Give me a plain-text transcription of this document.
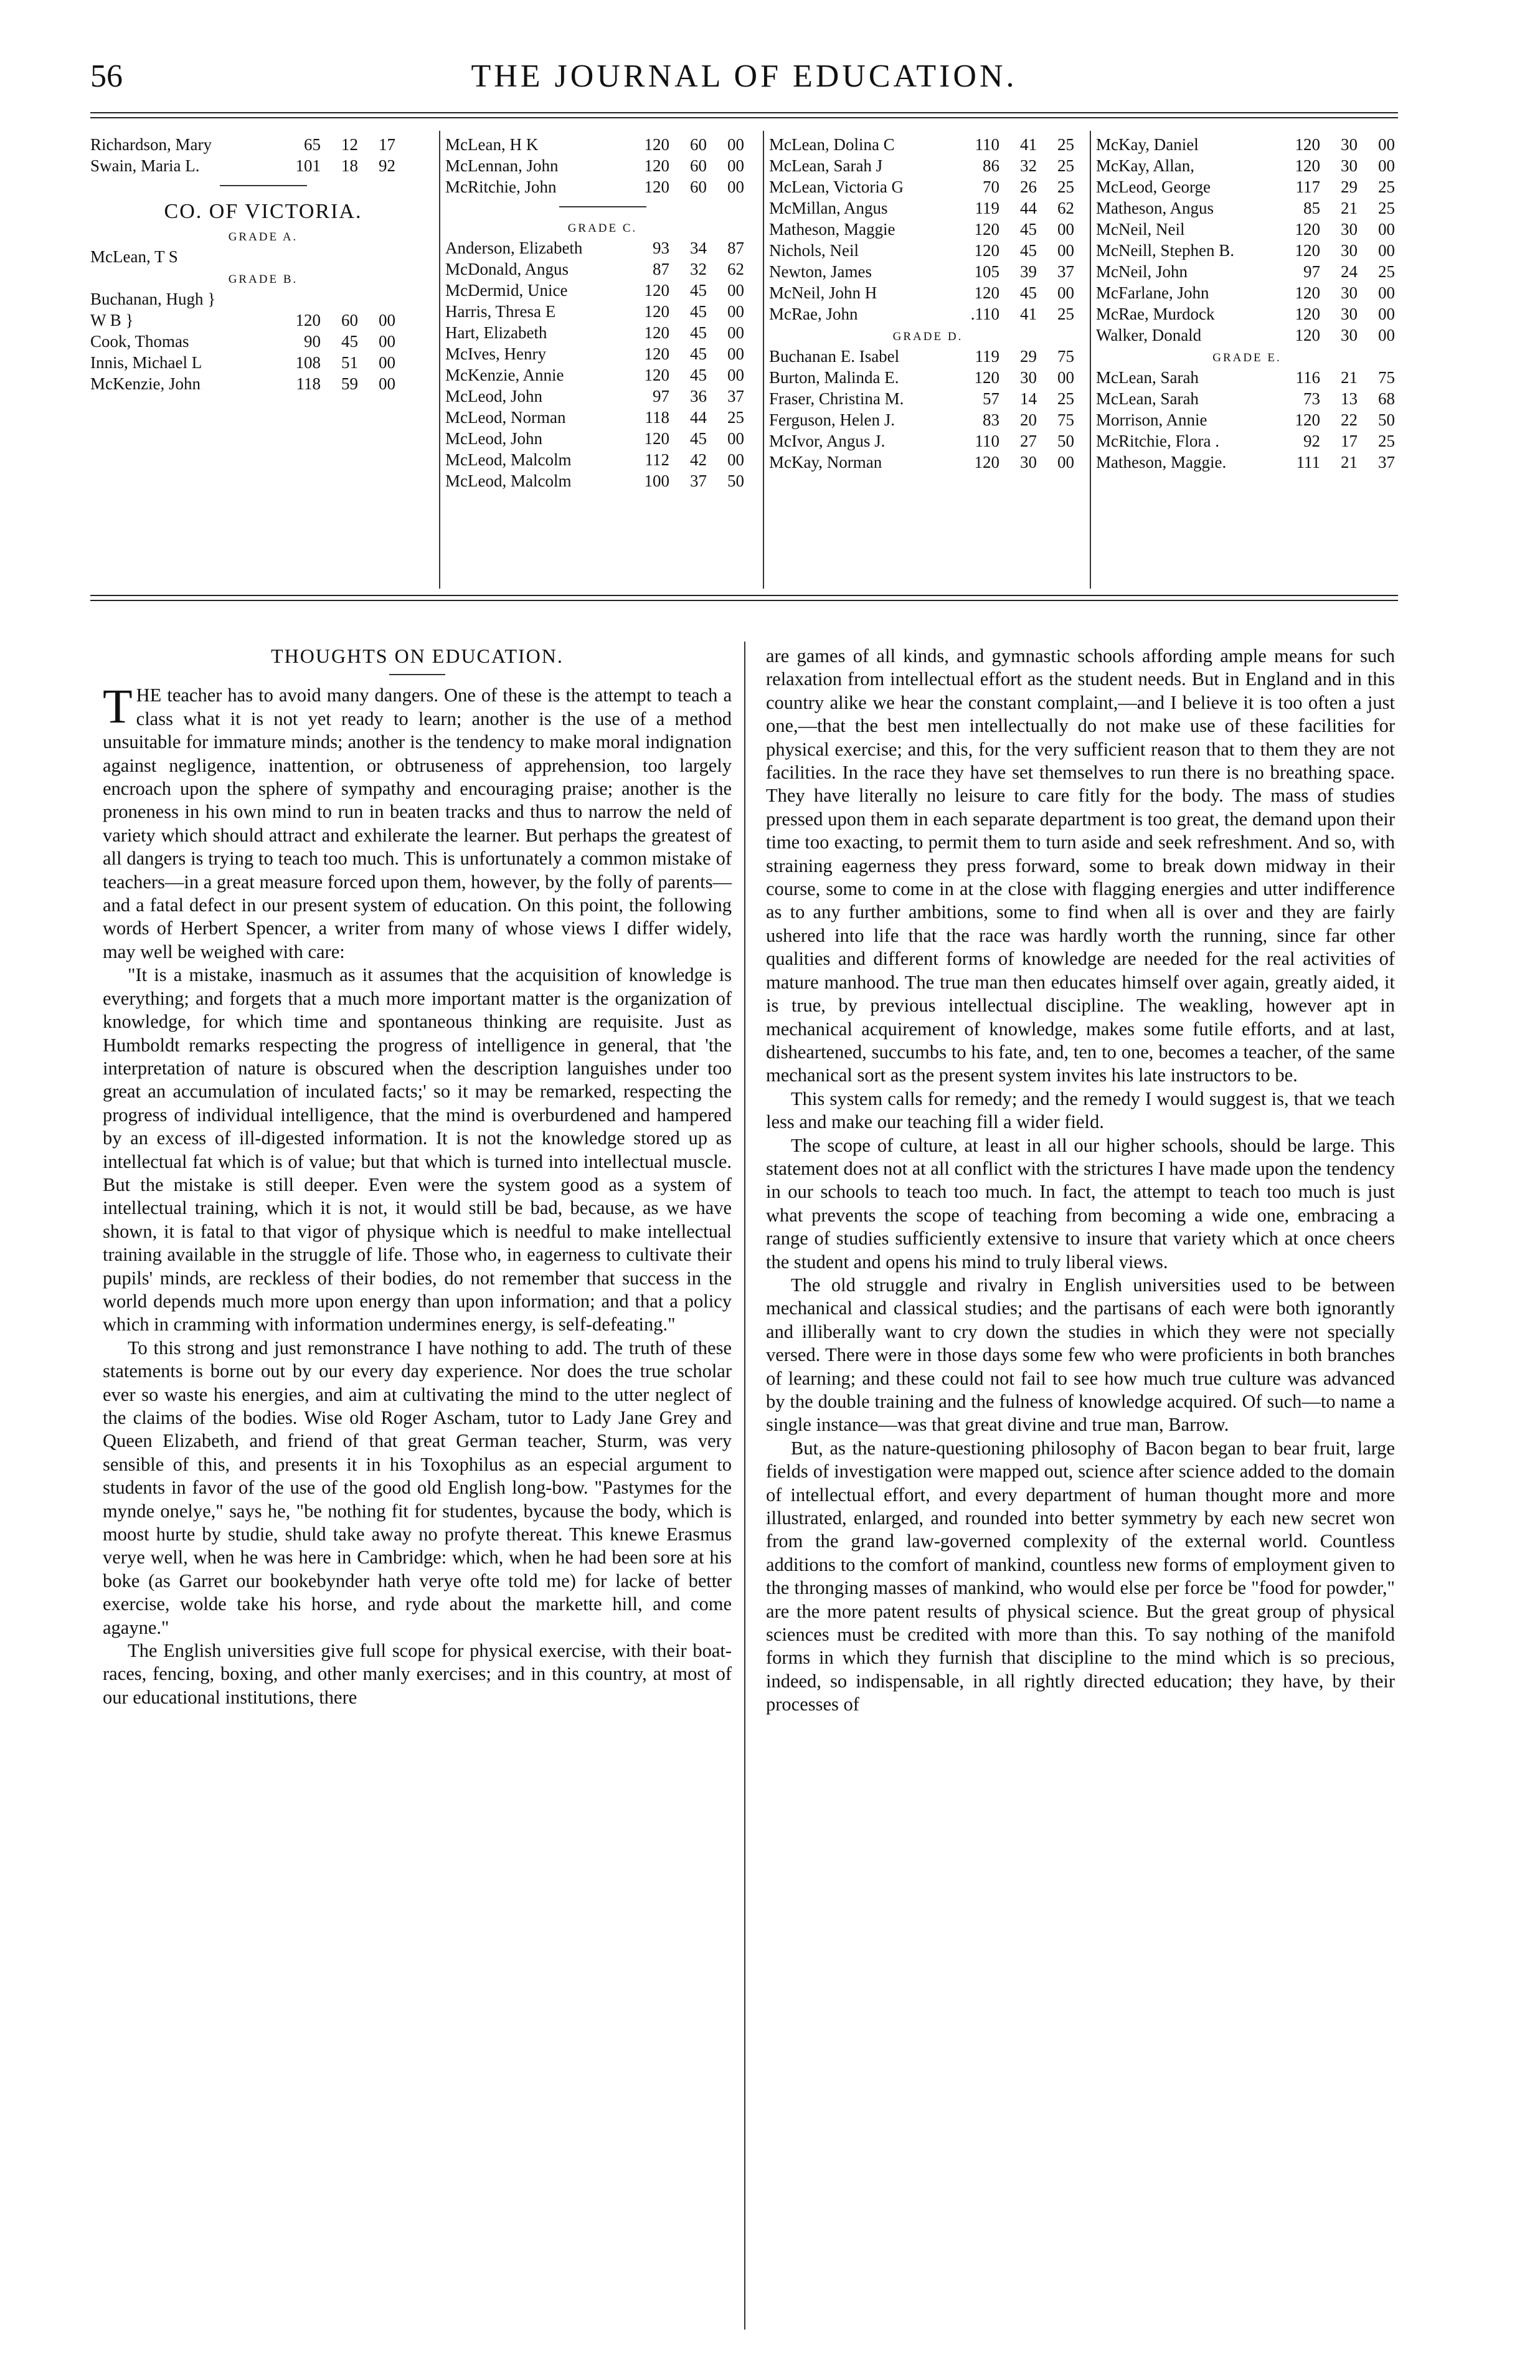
56	THE JOURNAL OF EDUCATION.
Richardson, Mary	65	12	17
Swain, Maria L.	101	18	92
CO. OF VICTORIA.
GRADE A.
McLean, T S
GRADE B.
Buchanan, Hugh }
W B }	120	60	00
Cook, Thomas	90	45	00
Innis, Michael L	108	51	00
McKenzie, John	118	59	00
McLean, H K	120	60	00
McLennan, John	120	60	00
McRitchie, John	120	60	00
GRADE C.
Anderson, Elizabeth	93	34	87
McDonald, Angus	87	32	62
McDermid, Unice	120	45	00
Harris, Thresa E	120	45	00
Hart, Elizabeth	120	45	00
McIves, Henry	120	45	00
McKenzie, Annie	120	45	00
McLeod, John	97	36	37
McLeod, Norman	118	44	25
McLeod, John	120	45	00
McLeod, Malcolm	112	42	00
McLeod, Malcolm	100	37	50
McLean, Dolina C	110	41	25
McLean, Sarah J	86	32	25
McLean, Victoria G	70	26	25
McMillan, Angus	119	44	62
Matheson, Maggie	120	45	00
Nichols, Neil	120	45	00
Newton, James	105	39	37
McNeil, John H	120	45	00
McRae, John	.110	41	25
GRADE D.
Buchanan E. Isabel	119	29	75
Burton, Malinda E.	120	30	00
Fraser, Christina M.	57	14	25
Ferguson, Helen J.	83	20	75
McIvor, Angus J.	110	27	50
McKay, Norman	120	30	00
McKay, Daniel	120	30	00
McKay, Allan,	120	30	00
McLeod, George	117	29	25
Matheson, Angus	85	21	25
McNeil, Neil	120	30	00
McNeill, Stephen B.	120	30	00
McNeil, John	97	24	25
McFarlane, John	120	30	00
McRae, Murdock	120	30	00
Walker, Donald	120	30	00
GRADE E.
McLean, Sarah	116	21	75
McLean, Sarah	73	13	68
Morrison, Annie	120	22	50
McRitchie, Flora .	92	17	25
Matheson, Maggie.	111	21	37
THOUGHTS ON EDUCATION.

THE teacher has to avoid many dangers. One of these is the attempt to teach a class what it is not yet ready to learn; another is the use of a method unsuitable for immature minds; another is the tendency to make moral indignation against negligence, inattention, or obtruseness of apprehension, too largely encroach upon the sphere of sympathy and encouraging praise; another is the proneness in his own mind to run in beaten tracks and thus to narrow the neld of variety which should attract and exhilerate the learner. But perhaps the greatest of all dangers is trying to teach too much. This is unfortunately a common mistake of teachers—in a great measure forced upon them, however, by the folly of parents—and a fatal defect in our present system of education. On this point, the following words of Herbert Spencer, a writer from many of whose views I differ widely, may well be weighed with care:

"It is a mistake, inasmuch as it assumes that the acquisition of knowledge is everything; and forgets that a much more important matter is the organization of knowledge, for which time and spontaneous thinking are requisite. Just as Humboldt remarks respecting the progress of intelligence in general, that 'the interpretation of nature is obscured when the description languishes under too great an accumulation of inculated facts;' so it may be remarked, respecting the progress of individual intelligence, that the mind is overburdened and hampered by an excess of ill-digested information. It is not the knowledge stored up as intellectual fat which is of value; but that which is turned into intellectual muscle. But the mistake is still deeper. Even were the system good as a system of intellectual training, which it is not, it would still be bad, because, as we have shown, it is fatal to that vigor of physique which is needful to make intellectual training available in the struggle of life. Those who, in eagerness to cultivate their pupils' minds, are reckless of their bodies, do not remember that success in the world depends much more upon energy than upon information; and that a policy which in cramming with information undermines energy, is self-defeating."

To this strong and just remonstrance I have nothing to add. The truth of these statements is borne out by our every day experience. Nor does the true scholar ever so waste his energies, and aim at cultivating the mind to the utter neglect of the claims of the bodies. Wise old Roger Ascham, tutor to Lady Jane Grey and Queen Elizabeth, and friend of that great German teacher, Sturm, was very sensible of this, and presents it in his Toxophilus as an especial argument to students in favor of the use of the good old English long-bow. "Pastymes for the mynde onelye," says he, "be nothing fit for studentes, bycause the body, which is moost hurte by studie, shuld take away no profyte thereat. This knewe Erasmus verye well, when he was here in Cambridge: which, when he had been sore at his boke (as Garret our bookebynder hath verye ofte told me) for lacke of better exercise, wolde take his horse, and ryde about the markette hill, and come agayne."

The English universities give full scope for physical exercise, with their boat-races, fencing, boxing, and other manly exercises; and in this country, at most of our educational institutions, there

are games of all kinds, and gymnastic schools affording ample means for such relaxation from intellectual effort as the student needs. But in England and in this country alike we hear the constant complaint,—and I believe it is too often a just one,—that the best men intellectually do not make use of these facilities for physical exercise; and this, for the very sufficient reason that to them they are not facilities. In the race they have set themselves to run there is no breathing space. They have literally no leisure to care fitly for the body. The mass of studies pressed upon them in each separate department is too great, the demand upon their time too exacting, to permit them to turn aside and seek refreshment. And so, with straining eagerness they press forward, some to break down midway in their course, some to come in at the close with flagging energies and utter indifference as to any further ambitions, some to find when all is over and they are fairly ushered into life that the race was hardly worth the running, since far other qualities and different forms of knowledge are needed for the real activities of mature manhood. The true man then educates himself over again, greatly aided, it is true, by previous intellectual discipline. The weakling, however apt in mechanical acquirement of knowledge, makes some futile efforts, and at last, disheartened, succumbs to his fate, and, ten to one, becomes a teacher, of the same mechanical sort as the present system invites his late instructors to be.

This system calls for remedy; and the remedy I would suggest is, that we teach less and make our teaching fill a wider field.

The scope of culture, at least in all our higher schools, should be large. This statement does not at all conflict with the strictures I have made upon the tendency in our schools to teach too much. In fact, the attempt to teach too much is just what prevents the scope of teaching from becoming a wide one, embracing a range of studies sufficiently extensive to insure that variety which at once cheers the student and opens his mind to truly liberal views.

The old struggle and rivalry in English universities used to be between mechanical and classical studies; and the partisans of each were both ignorantly and illiberally want to cry down the studies in which they were not specially versed. There were in those days some few who were proficients in both branches of learning; and these could not fail to see how much true culture was advanced by the double training and the fulness of knowledge acquired. Of such—to name a single instance—was that great divine and true man, Barrow.

But, as the nature-questioning philosophy of Bacon began to bear fruit, large fields of investigation were mapped out, science after science added to the domain of intellectual effort, and every department of human thought more and more illustrated, enlarged, and rounded into better symmetry by each new secret won from the grand law-governed complexity of the external world. Countless additions to the comfort of mankind, countless new forms of employment given to the thronging masses of mankind, who would else per force be "food for powder," are the more patent results of physical science. But the great group of physical sciences must be credited with more than this. To say nothing of the manifold forms in which they furnish that discipline to the mind which is so precious, indeed, so indispensable, in all rightly directed education; they have, by their processes of
